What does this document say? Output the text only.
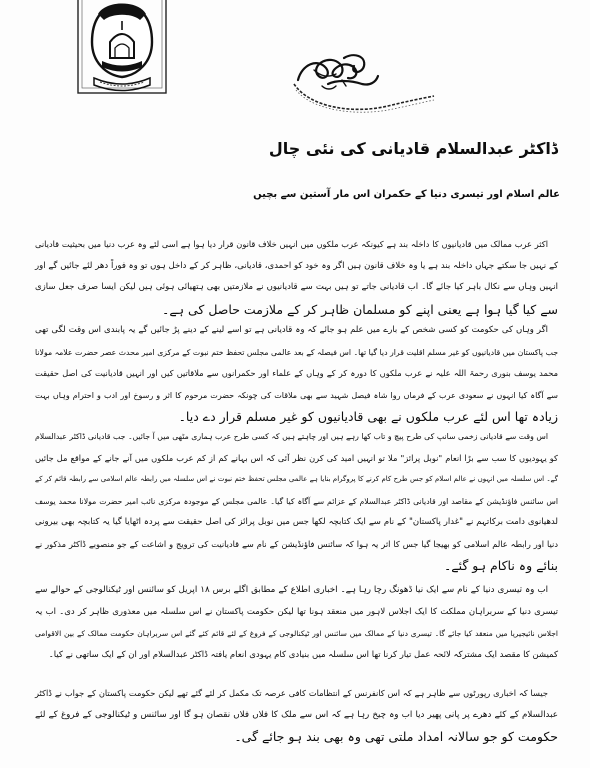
ڈاکٹر عبدالسلام قادیانی کی نئی چال
عالم اسلام اور تیسری دنیا کے حکمران اس مار آستین سے بچیں
اکثر عرب ممالک میں قادیانیوں کا داخلہ بند ہے کیونکہ عرب ملکوں میں انہیں خلاف قانون قرار دیا ہوا ہے اسی لئے وہ عرب دنیا میں بحیثیت قادیانی
کے نہیں جا سکتے جہاں داخلہ بند ہے یا وہ خلاف قانون ہیں اگر وہ خود کو احمدی، قادیانی، ظاہر کر کے داخل ہوں تو وہ فوراً دھر لئے جائیں گے اور
انہیں وہاں سے نکال باہر کیا جائے گا۔ اب قادیانی جاتے تو ہیں بہت سے قادیانیوں نے ملازمتیں بھی ہتھیائی ہوئی ہیں لیکن ایسا صرف جعل سازی
سے کیا گیا ہوا ہے یعنی اپنے کو مسلمان ظاہر کر کے ملازمت حاصل کی ہے۔
اگر وہاں کی حکومت کو کسی شخص کے بارے میں علم ہو جائے کہ وہ قادیانی ہے تو اسے لینے کے دینے پڑ جائیں گے یہ پابندی اس وقت لگی تھی
جب پاکستان میں قادیانیوں کو غیر مسلم اقلیت قرار دیا گیا تھا۔ اس فیصلہ کے بعد عالمی مجلس تحفظ ختم نبوت کے مرکزی امیر محدث عصر حضرت علامہ مولانا
محمد یوسف بنوری رحمۃ اللہ علیہ نے عرب ملکوں کا دورہ کر کے وہاں کے علماء اور حکمرانوں سے ملاقاتیں کیں اور انہیں قادیانیت کی اصل حقیقت
سے آگاہ کیا انہوں نے سعودی عرب کے فرماں روا شاہ فیصل شہید سے بھی ملاقات کی چونکہ حضرت مرحوم کا اثر و رسوخ اور ادب و احترام وہاں بہت
زیادہ تھا اس لئے عرب ملکوں نے بھی قادیانیوں کو غیر مسلم قرار دے دیا۔
اس وقت سے قادیانی زخمی سانپ کی طرح پیچ و تاب کھا رہے ہیں اور چاہتے ہیں کہ کسی طرح عرب ہماری مٹھی میں آ جائیں۔ جب قادیانی ڈاکٹر عبدالسلام
کو یہودیوں کا سب سے بڑا انعام "نوبل پرائز" ملا تو انہیں امید کی کرن نظر آئی کہ اس بہانے کم از کم عرب ملکوں میں آنے جانے کے مواقع مل جائیں
گے۔ اس سلسلہ میں انہوں نے عالم اسلام کو جس طرح کام کرنے کا پروگرام بنایا ہے عالمی مجلس تحفظ ختم نبوت نے اس سلسلہ میں رابطہ عالم اسلامی سے رابطہ قائم کر کے
اس سائنس فاؤنڈیشن کے مقاصد اور قادیانی ڈاکٹر عبدالسلام کے عزائم سے آگاہ کیا گیا۔ عالمی مجلس کے موجودہ مرکزی نائب امیر حضرت مولانا محمد یوسف
لدھیانوی دامت برکاتہم نے "غدار پاکستان" کے نام سے ایک کتابچہ لکھا جس میں نوبل پرائز کی اصل حقیقت سے پردہ اٹھایا گیا یہ کتابچہ بھی بیرونی
دنیا اور رابطہ عالم اسلامی کو بھیجا گیا جس کا اثر یہ ہوا کہ سائنس فاؤنڈیشن کے نام سے قادیانیت کی ترویج و اشاعت کے جو منصوبے ڈاکٹر مذکور نے
بنائے وہ ناکام ہو گئے۔
اب وہ تیسری دنیا کے نام سے ایک نیا ڈھونگ رچا رہا ہے۔ اخباری اطلاع کے مطابق اگلے برس ۱۸ اپریل کو سائنس اور ٹیکنالوجی کے حوالے سے
تیسری دنیا کے سربراہان مملکت کا ایک اجلاس لاہور میں منعقد ہونا تھا لیکن حکومت پاکستان نے اس سلسلہ میں معذوری ظاہر کر دی۔ اب یہ
اجلاس نائیجیریا میں منعقد کیا جائے گا۔ تیسری دنیا کے ممالک میں سائنس اور ٹیکنالوجی کے فروغ کے لئے قائم کئے گئے اس سربراہان حکومت ممالک کے بین الاقوامی
کمیشن کا مقصد ایک مشترکہ لائحہ عمل تیار کرنا تھا اس سلسلہ میں بنیادی کام یہودی انعام یافتہ ڈاکٹر عبدالسلام اور ان کے ایک ساتھی نے کیا۔
جیسا کہ اخباری رپورٹوں سے ظاہر ہے کہ اس کانفرنس کے انتظامات کافی عرصہ تک مکمل کر لئے گئے تھے لیکن حکومت پاکستان کے جواب نے ڈاکٹر
عبدالسلام کے کئے دھرے پر پانی پھیر دیا اب وہ چیخ رہا ہے کہ اس سے ملک کا فلاں فلاں نقصان ہو گا اور سائنس و ٹیکنالوجی کے فروغ کے لئے
حکومت کو جو سالانہ امداد ملتی تھی وہ بھی بند ہو جائے گی۔
